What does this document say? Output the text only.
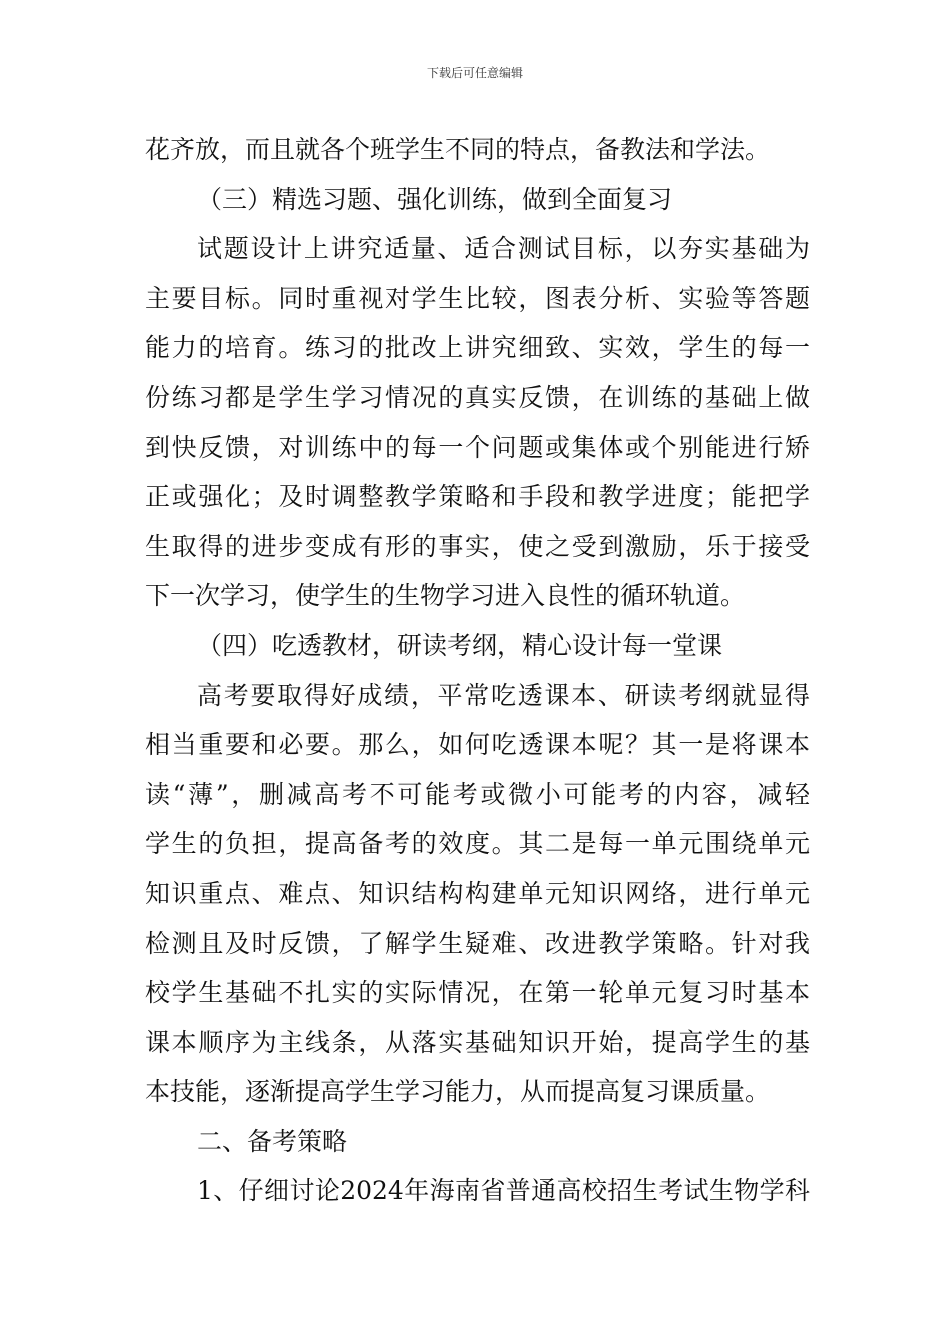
下载后可任意编辑
花齐放，而且就各个班学生不同的特点，备教法和学法。
（三）精选习题、强化训练，做到全面复习
试题设计上讲究适量、适合测试目标，以夯实基础为
主要目标。同时重视对学生比较，图表分析、实验等答题
能力的培育。练习的批改上讲究细致、实效，学生的每一
份练习都是学生学习情况的真实反馈，在训练的基础上做
到快反馈，对训练中的每一个问题或集体或个别能进行矫
正或强化；及时调整教学策略和手段和教学进度；能把学
生取得的进步变成有形的事实，使之受到激励，乐于接受
下一次学习，使学生的生物学习进入良性的循环轨道。
（四）吃透教材，研读考纲，精心设计每一堂课
高考要取得好成绩，平常吃透课本、研读考纲就显得
相当重要和必要。那么，如何吃透课本呢？其一是将课本
读“薄”，删减高考不可能考或微小可能考的内容，减轻
学生的负担，提高备考的效度。其二是每一单元围绕单元
知识重点、难点、知识结构构建单元知识网络，进行单元
检测且及时反馈，了解学生疑难、改进教学策略。针对我
校学生基础不扎实的实际情况，在第一轮单元复习时基本
课本顺序为主线条，从落实基础知识开始，提高学生的基
本技能，逐渐提高学生学习能力，从而提高复习课质量。
二、备考策略
1、仔细讨论2024年海南省普通高校招生考试生物学科
